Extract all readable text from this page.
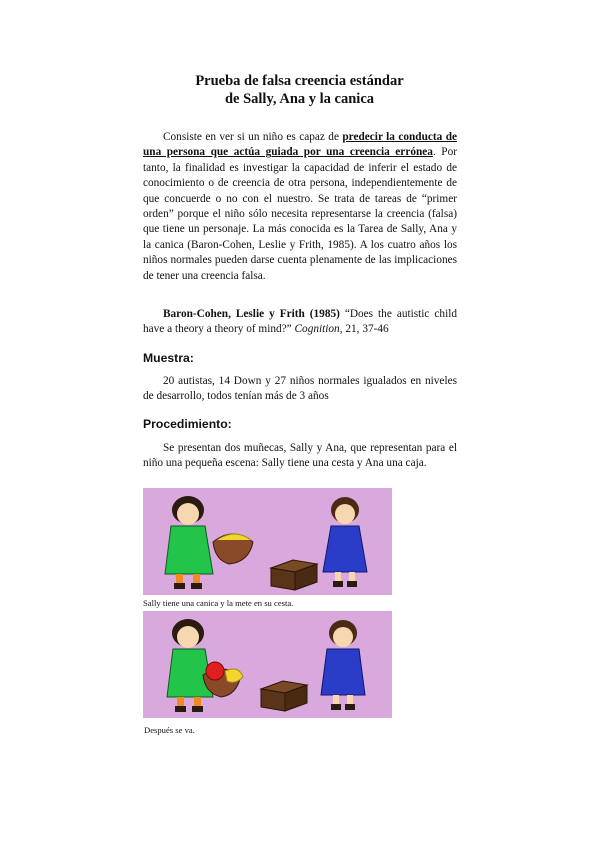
Prueba de falsa creencia estándar
de Sally, Ana y la canica
Consiste en ver si un niño es capaz de predecir la conducta de una persona que actúa guiada por una creencia errónea. Por tanto, la finalidad es investigar la capacidad de inferir el estado de conocimiento o de creencia de otra persona, independientemente de que concuerde o no con el nuestro. Se trata de tareas de “primer orden” porque el niño sólo necesita representarse la creencia (falsa) que tiene un personaje. La más conocida es la Tarea de Sally, Ana y la canica (Baron-Cohen, Leslie y Frith, 1985). A los cuatro años los niños normales pueden darse cuenta plenamente de las implicaciones de tener una creencia falsa.
Baron-Cohen, Leslie y Frith (1985) “Does the autistic child have a theory a theory of mind?” Cognition, 21, 37-46
Muestra:
20 autistas, 14 Down y 27 niños normales igualados en niveles de desarrollo, todos tenían más de 3 años
Procedimiento:
Se presentan dos muñecas, Sally y Ana, que representan para el niño una pequeña escena: Sally tiene una cesta y Ana una caja.
Sally tiene una canica y la mete en su cesta.
Después se va.
